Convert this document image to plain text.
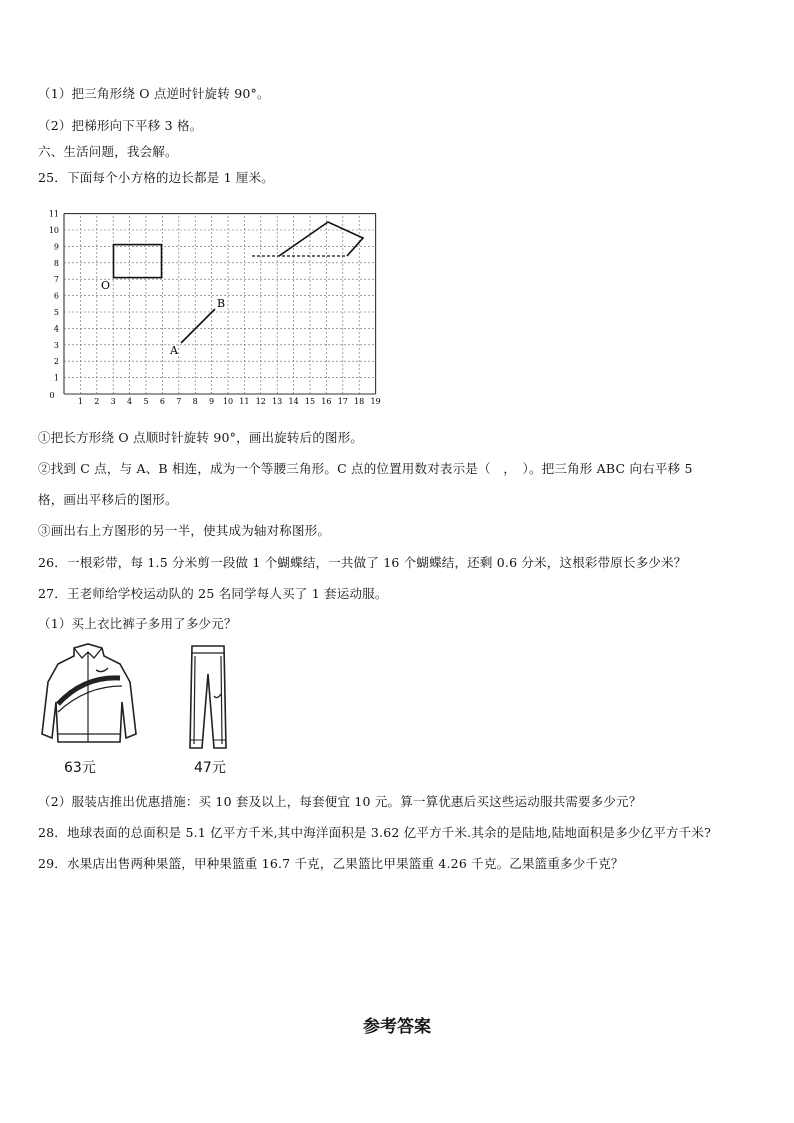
（1）把三角形绕 O 点逆时针旋转 90°。
（2）把梯形向下平移 3 格。
六、生活问题，我会解。
25．下面每个小方格的边长都是 1 厘米。
0
1 2 3 4 5 6 7 8 9 10 11 12 13 14 15 16 17 18 19
1
2
3
4
5
6
7
8
9
10
11
O
A
B
①把长方形绕 O 点顺时针旋转 90°，画出旋转后的图形。
②找到 C 点，与 A、B 相连，成为一个等腰三角形。C 点的位置用数对表示是（　，　）。把三角形 ABC 向右平移 5
格，画出平移后的图形。
③画出右上方图形的另一半，使其成为轴对称图形。
26．一根彩带，每 1.5 分米剪一段做 1 个蝴蝶结，一共做了 16 个蝴蝶结，还剩 0.6 分米，这根彩带原长多少米？
27．王老师给学校运动队的 25 名同学每人买了 1 套运动服。
（1）买上衣比裤子多用了多少元？
63元	47元
（2）服装店推出优惠措施：买 10 套及以上，每套便宜 10 元。算一算优惠后买这些运动服共需要多少元？
28．地球表面的总面积是 5.1 亿平方千米,其中海洋面积是 3.62 亿平方千米.其余的是陆地,陆地面积是多少亿平方千米?
29．水果店出售两种果篮，甲种果篮重 16.7 千克，乙果篮比甲果篮重 4.26 千克。乙果篮重多少千克？
参考答案
